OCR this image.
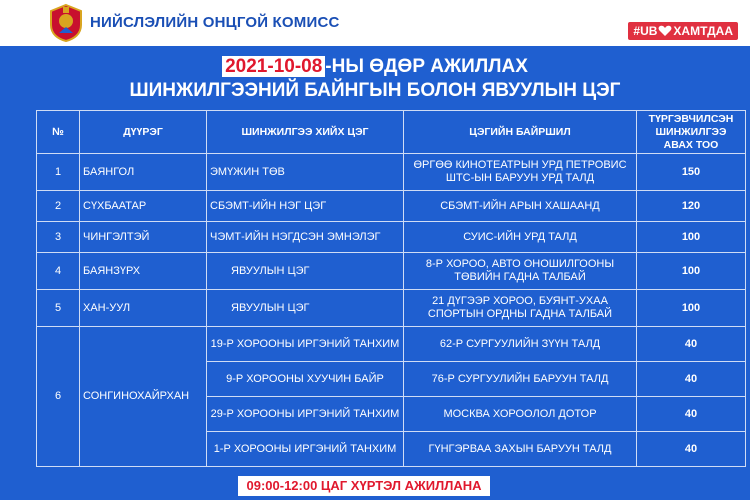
НИЙСЛЭЛИЙН ОНЦГОЙ КОМИСС	#UB ХАМТДАА
2021-10-08 -НЫ ӨДӨР АЖИЛЛАХ
ШИНЖИЛГЭЭНИЙ БАЙНГЫН БОЛОН ЯВУУЛЫН ЦЭГ
№	ДҮҮРЭГ	ШИНЖИЛГЭЭ ХИЙХ ЦЭГ	ЦЭГИЙН БАЙРШИЛ	ТҮРГЭВЧИЛСЭН ШИНЖИЛГЭЭ АВАХ ТОО
1	БАЯНГОЛ	ЭМҮЖИН ТӨВ	ӨРГӨӨ КИНОТЕАТРЫН УРД ПЕТРОВИС ШТС-ЫН БАРУУН УРД ТАЛД	150
2	СҮХБААТАР	СБЭМТ-ИЙН НЭГ ЦЭГ	СБЭМТ-ИЙН АРЫН ХАШААНД	120
3	ЧИНГЭЛТЭЙ	ЧЭМТ-ИЙН НЭГДСЭН ЭМНЭЛЭГ	СУИС-ИЙН УРД ТАЛД	100
4	БАЯНЗҮРХ	ЯВУУЛЫН ЦЭГ	8-Р ХОРОО, АВТО ОНОШИЛГООНЫ ТӨВИЙН ГАДНА ТАЛБАЙ	100
5	ХАН-УУЛ	ЯВУУЛЫН ЦЭГ	21 ДҮГЭЭР ХОРОО, БУЯНТ-УХАА СПОРТЫН ОРДНЫ ГАДНА ТАЛБАЙ	100
6	СОНГИНОХАЙРХАН	19-Р ХОРООНЫ ИРГЭНИЙ ТАНХИМ	62-Р СУРГУУЛИЙН ЗҮҮН ТАЛД	40
		9-Р ХОРООНЫ ХУУЧИН БАЙР	76-Р СУРГУУЛИЙН БАРУУН ТАЛД	40
		29-Р ХОРООНЫ ИРГЭНИЙ ТАНХИМ	МОСКВА ХОРООЛОЛ ДОТОР	40
		1-Р ХОРООНЫ ИРГЭНИЙ ТАНХИМ	ГҮНГЭРВАА ЗАХЫН БАРУУН ТАЛД	40
09:00-12:00 ЦАГ ХҮРТЭЛ АЖИЛЛАНА
